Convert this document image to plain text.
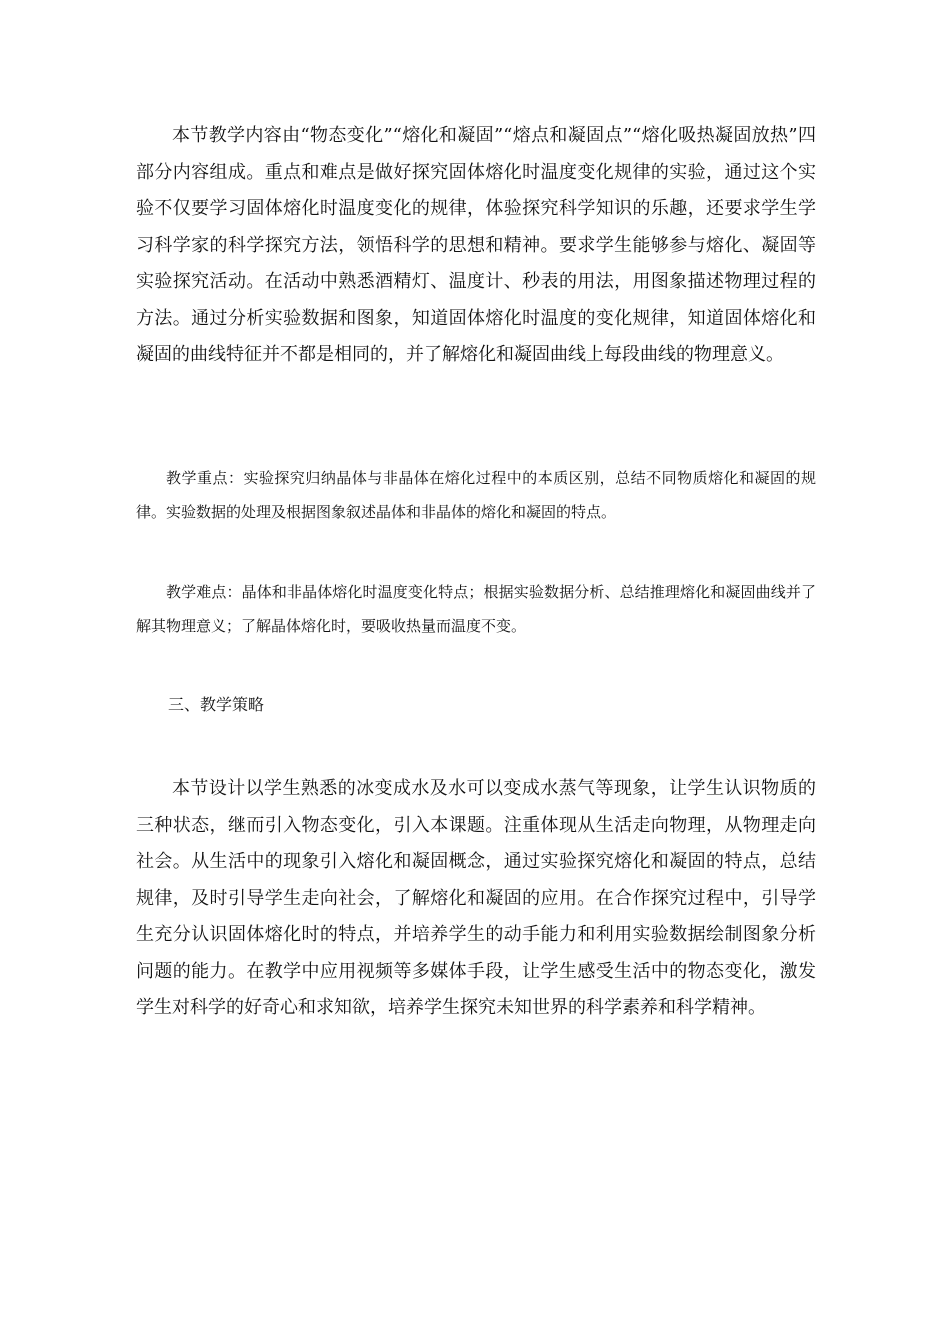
本节教学内容由“物态变化”“熔化和凝固”“熔点和凝固点”“熔化吸热凝固放热”四部分内容组成。重点和难点是做好探究固体熔化时温度变化规律的实验，通过这个实验不仅要学习固体熔化时温度变化的规律，体验探究科学知识的乐趣，还要求学生学习科学家的科学探究方法，领悟科学的思想和精神。要求学生能够参与熔化、凝固等实验探究活动。在活动中熟悉酒精灯、温度计、秒表的用法，用图象描述物理过程的方法。通过分析实验数据和图象，知道固体熔化时温度的变化规律，知道固体熔化和凝固的曲线特征并不都是相同的，并了解熔化和凝固曲线上每段曲线的物理意义。

教学重点：实验探究归纳晶体与非晶体在熔化过程中的本质区别，总结不同物质熔化和凝固的规律。实验数据的处理及根据图象叙述晶体和非晶体的熔化和凝固的特点。

教学难点：晶体和非晶体熔化时温度变化特点；根据实验数据分析、总结推理熔化和凝固曲线并了解其物理意义；了解晶体熔化时，要吸收热量而温度不变。

三、教学策略

本节设计以学生熟悉的冰变成水及水可以变成水蒸气等现象，让学生认识物质的三种状态，继而引入物态变化，引入本课题。注重体现从生活走向物理，从物理走向社会。从生活中的现象引入熔化和凝固概念，通过实验探究熔化和凝固的特点，总结规律，及时引导学生走向社会，了解熔化和凝固的应用。在合作探究过程中，引导学生充分认识固体熔化时的特点，并培养学生的动手能力和利用实验数据绘制图象分析问题的能力。在教学中应用视频等多媒体手段，让学生感受生活中的物态变化，激发学生对科学的好奇心和求知欲，培养学生探究未知世界的科学素养和科学精神。
